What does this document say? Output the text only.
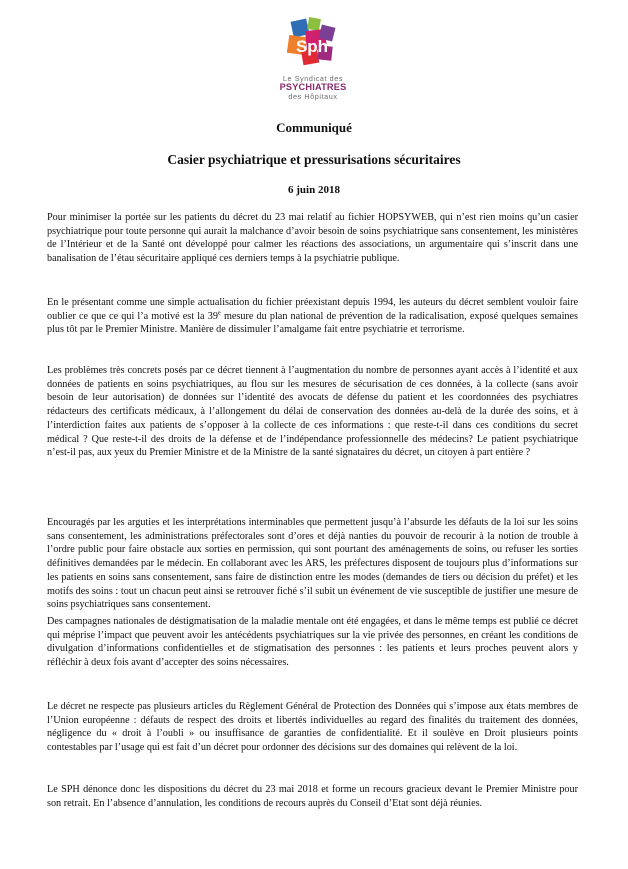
Sph
Le Syndicat des
PSYCHIATRES
des Hôpitaux
Communiqué
Casier psychiatrique et pressurisations sécuritaires
6 juin 2018

Pour minimiser la portée sur les patients du décret du 23 mai relatif au fichier HOPSYWEB, qui n’est rien moins qu’un casier psychiatrique pour toute personne qui aurait la malchance d’avoir besoin de soins psychiatrique sans consentement, les ministères de l’Intérieur et de la Santé ont développé pour calmer les réactions des associations, un argumentaire qui s’inscrit dans une banalisation de l’étau sécuritaire appliqué ces derniers temps à la psychiatrie publique.

En le présentant comme une simple actualisation du fichier préexistant depuis 1994, les auteurs du décret semblent vouloir faire oublier ce que ce qui l’a motivé est la 39e mesure du plan national de prévention de la radicalisation, exposé quelques semaines plus tôt par le Premier Ministre. Manière de dissimuler l’amalgame fait entre psychiatrie et terrorisme.

Les problèmes très concrets posés par ce décret tiennent à l’augmentation du nombre de personnes ayant accès à l’identité et aux données de patients en soins psychiatriques, au flou sur les mesures de sécurisation de ces données, à la collecte (sans avoir besoin de leur autorisation) de données sur l’identité des avocats de défense du patient et les coordonnées des psychiatres rédacteurs des certificats médicaux, à l’allongement du délai de conservation des données au-delà de la durée des soins, et à l’interdiction faites aux patients de s’opposer à la collecte de ces informations : que reste-t-il dans ces conditions du secret médical ? Que reste-t-il des droits de la défense et de l’indépendance professionnelle des médecins? Le patient psychiatrique n’est-il pas, aux yeux du Premier Ministre et de la Ministre de la santé signataires du décret, un citoyen à part entière ?

Encouragés par les arguties et les interprétations interminables que permettent jusqu’à l’absurde les défauts de la loi sur les soins sans consentement, les administrations préfectorales sont d’ores et déjà nanties du pouvoir de recourir à la notion de trouble à l’ordre public pour faire obstacle aux sorties en permission, qui sont pourtant des aménagements de soins, ou refuser les sorties définitives demandées par le médecin. En collaborant avec les ARS, les préfectures disposent de toujours plus d’informations sur les patients en soins sans consentement, sans faire de distinction entre les modes (demandes de tiers ou décision du préfet) et les motifs des soins : tout un chacun peut ainsi se retrouver fiché s’il subit un événement de vie susceptible de justifier une mesure de soins psychiatriques sans consentement.

Des campagnes nationales de déstigmatisation de la maladie mentale ont été engagées, et dans le même temps est publié ce décret qui méprise l’impact que peuvent avoir les antécédents psychiatriques sur la vie privée des personnes, en créant les conditions de divulgation d’informations confidentielles et de stigmatisation des personnes : les patients et leurs proches peuvent alors y réfléchir à deux fois avant d’accepter des soins nécessaires.

Le décret ne respecte pas plusieurs articles du Règlement Général de Protection des Données qui s’impose aux états membres de l’Union européenne : défauts de respect des droits et libertés individuelles au regard des finalités du traitement des données, négligence du « droit à l’oubli » ou insuffisance de garanties de confidentialité. Et il soulève en Droit plusieurs points contestables par l’usage qui est fait d’un décret pour ordonner des décisions sur des domaines qui relèvent de la loi.

Le SPH dénonce donc les dispositions du décret du 23 mai 2018 et forme un recours gracieux devant le Premier Ministre pour son retrait. En l’absence d’annulation, les conditions de recours auprès du Conseil d’Etat sont déjà réunies.
